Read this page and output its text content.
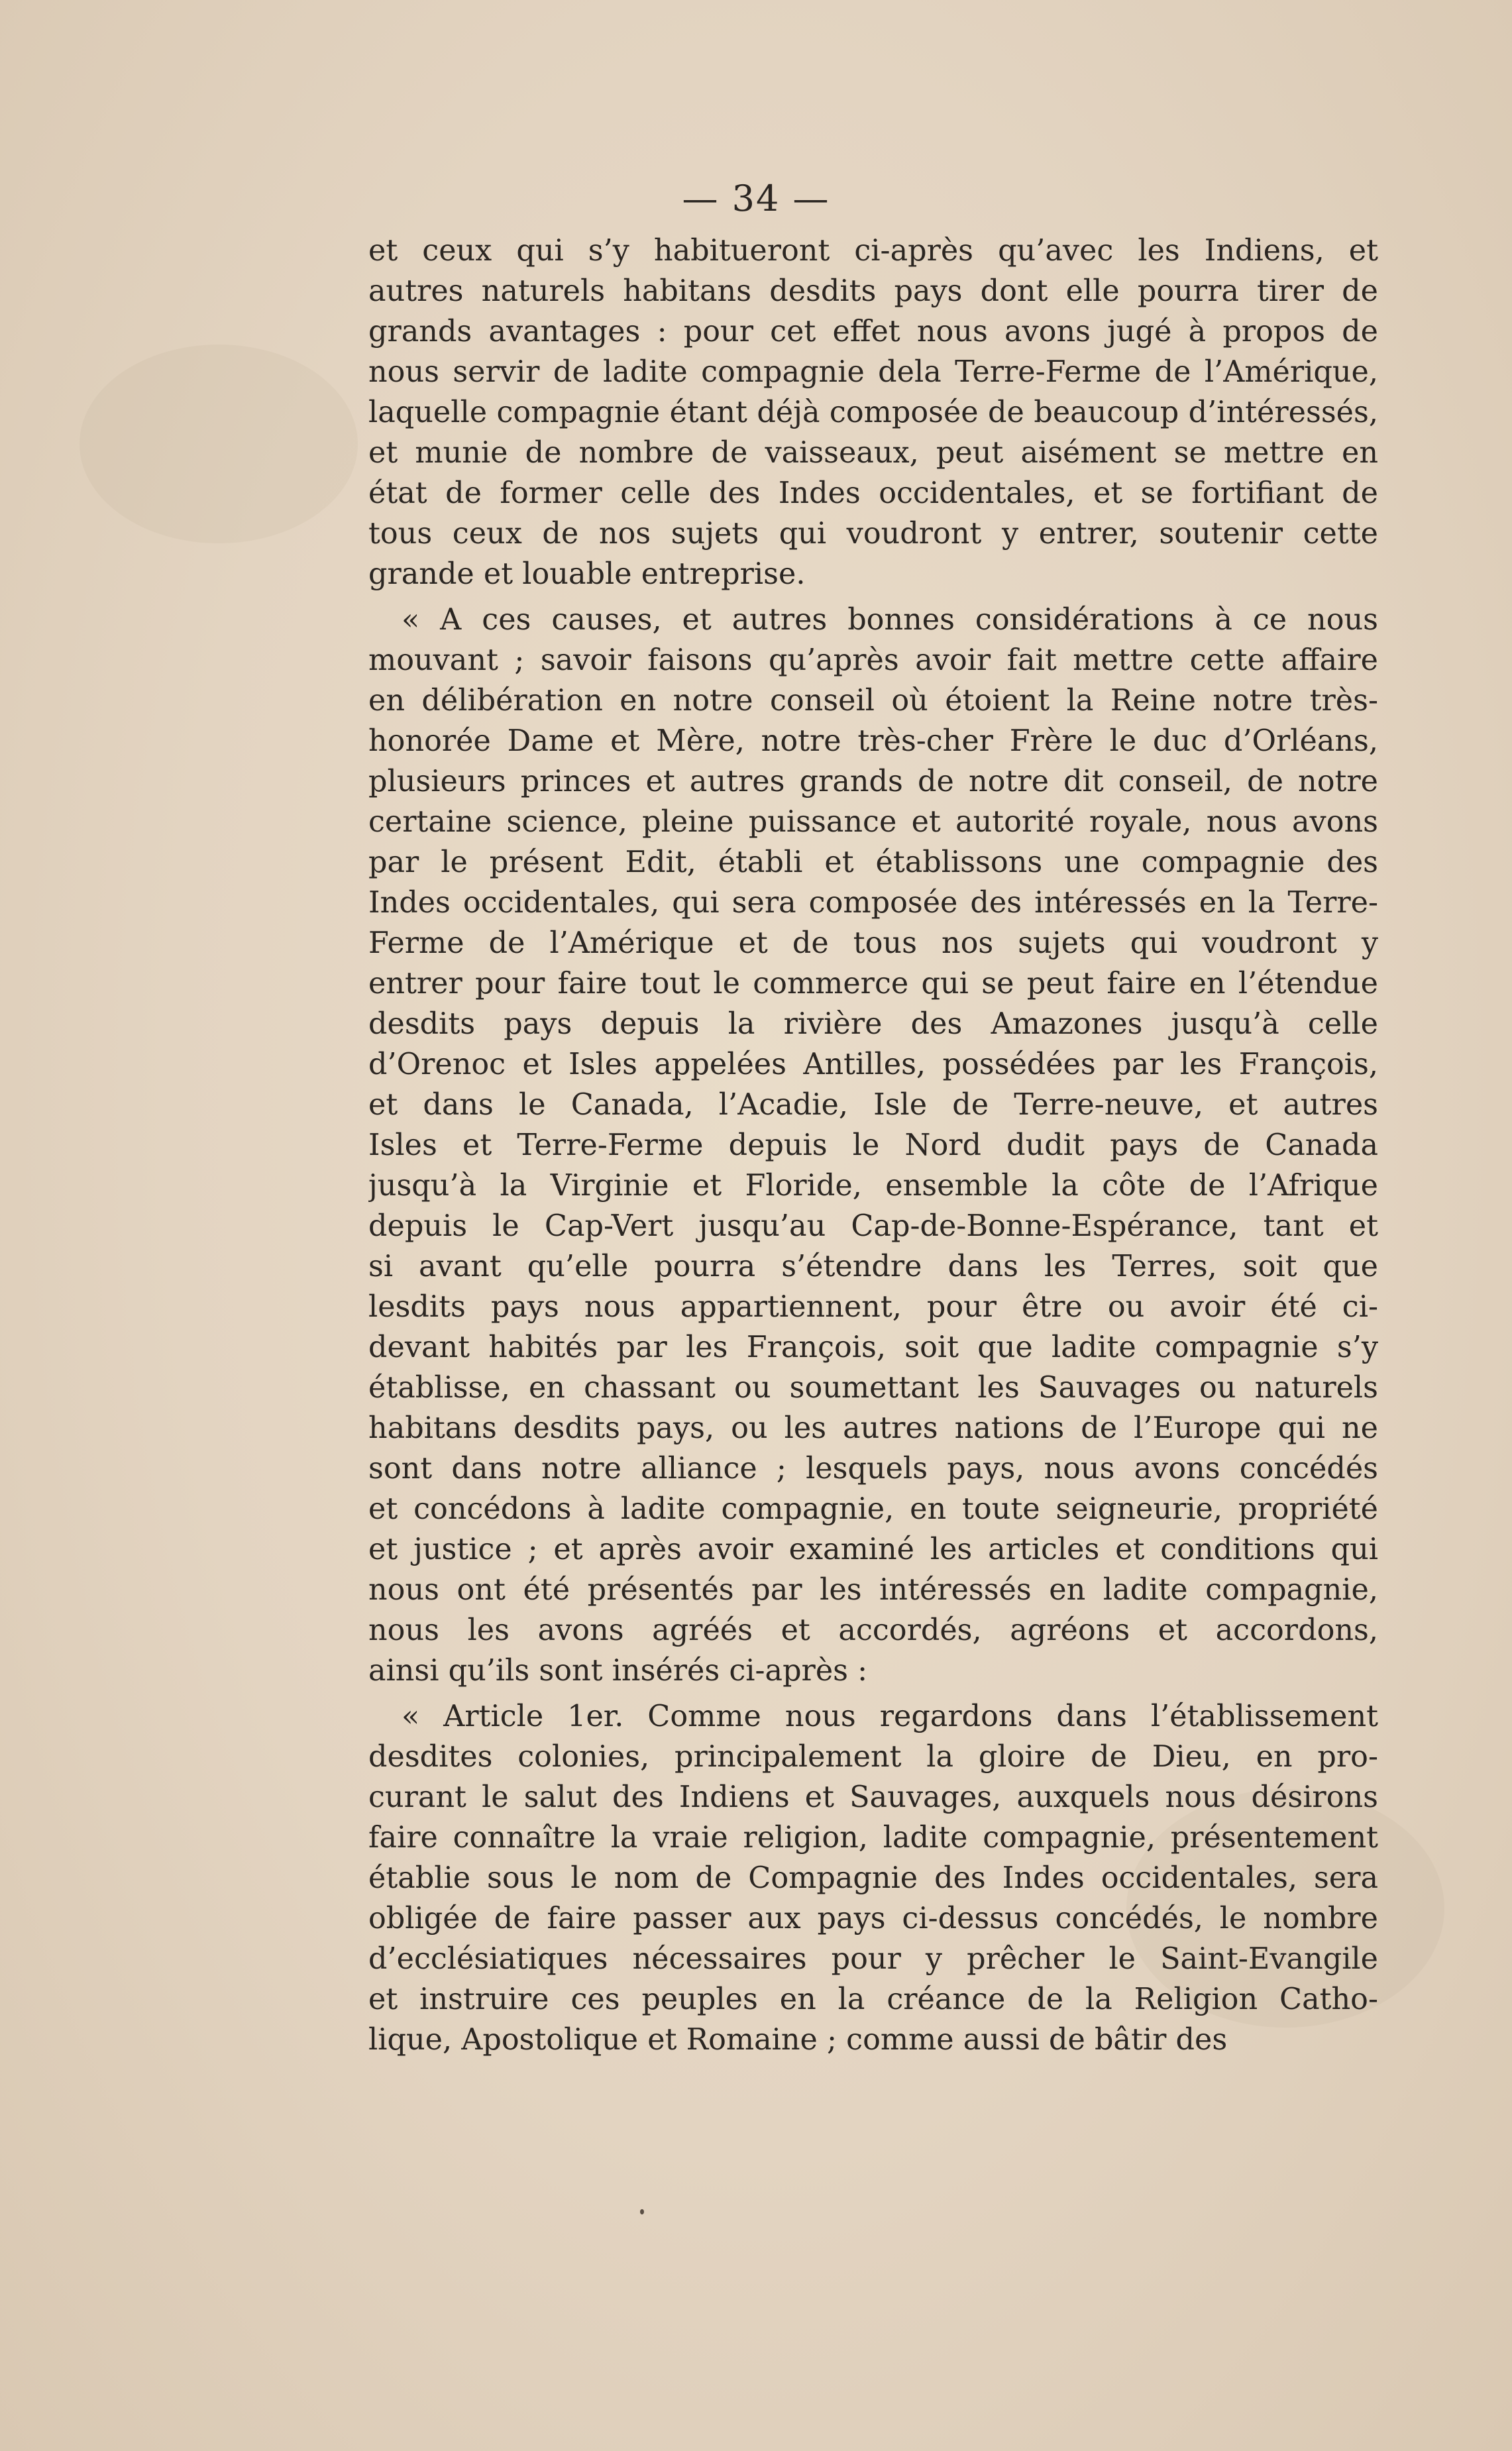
— 34 —
et ceux qui s’y habitueront ci-après qu’avec les Indiens, et
autres naturels habitans desdits pays dont elle pourra tirer de
grands avantages : pour cet effet nous avons jugé à propos de
nous servir de ladite compagnie dela Terre-Ferme de l’Amérique,
laquelle compagnie étant déjà composée de beaucoup d’intéressés,
et munie de nombre de vaisseaux, peut aisément se mettre en
état de former celle des Indes occidentales, et se fortifiant de
tous ceux de nos sujets qui voudront y entrer, soutenir cette
grande et louable entreprise.
« A ces causes, et autres bonnes considérations à ce nous
mouvant ; savoir faisons qu’après avoir fait mettre cette affaire
en délibération en notre conseil où étoient la Reine notre très-
honorée Dame et Mère, notre très-cher Frère le duc d’Orléans,
plusieurs princes et autres grands de notre dit conseil, de notre
certaine science, pleine puissance et autorité royale, nous avons
par le présent Edit, établi et établissons une compagnie des
Indes occidentales, qui sera composée des intéressés en la Terre-
Ferme de l’Amérique et de tous nos sujets qui voudront y
entrer pour faire tout le commerce qui se peut faire en l’étendue
desdits pays depuis la rivière des Amazones jusqu’à celle
d’Orenoc et Isles appelées Antilles, possédées par les François,
et dans le Canada, l’Acadie, Isle de Terre-neuve, et autres
Isles et Terre-Ferme depuis le Nord dudit pays de Canada
jusqu’à la Virginie et Floride, ensemble la côte de l’Afrique
depuis le Cap-Vert jusqu’au Cap-de-Bonne-Espérance, tant et
si avant qu’elle pourra s’étendre dans les Terres, soit que
lesdits pays nous appartiennent, pour être ou avoir été ci-
devant habités par les François, soit que ladite compagnie s’y
établisse, en chassant ou soumettant les Sauvages ou naturels
habitans desdits pays, ou les autres nations de l’Europe qui ne
sont dans notre alliance ; lesquels pays, nous avons concédés
et concédons à ladite compagnie, en toute seigneurie, propriété
et justice ; et après avoir examiné les articles et conditions qui
nous ont été présentés par les intéressés en ladite compagnie,
nous les avons agréés et accordés, agréons et accordons,
ainsi qu’ils sont insérés ci-après :
« Article 1er. Comme nous regardons dans l’établissement
desdites colonies, principalement la gloire de Dieu, en pro-
curant le salut des Indiens et Sauvages, auxquels nous désirons
faire connaître la vraie religion, ladite compagnie, présentement
établie sous le nom de Compagnie des Indes occidentales, sera
obligée de faire passer aux pays ci-dessus concédés, le nombre
d’ecclésiatiques nécessaires pour y prêcher le Saint-Evangile
et instruire ces peuples en la créance de la Religion Catho-
lique, Apostolique et Romaine ; comme aussi de bâtir des
